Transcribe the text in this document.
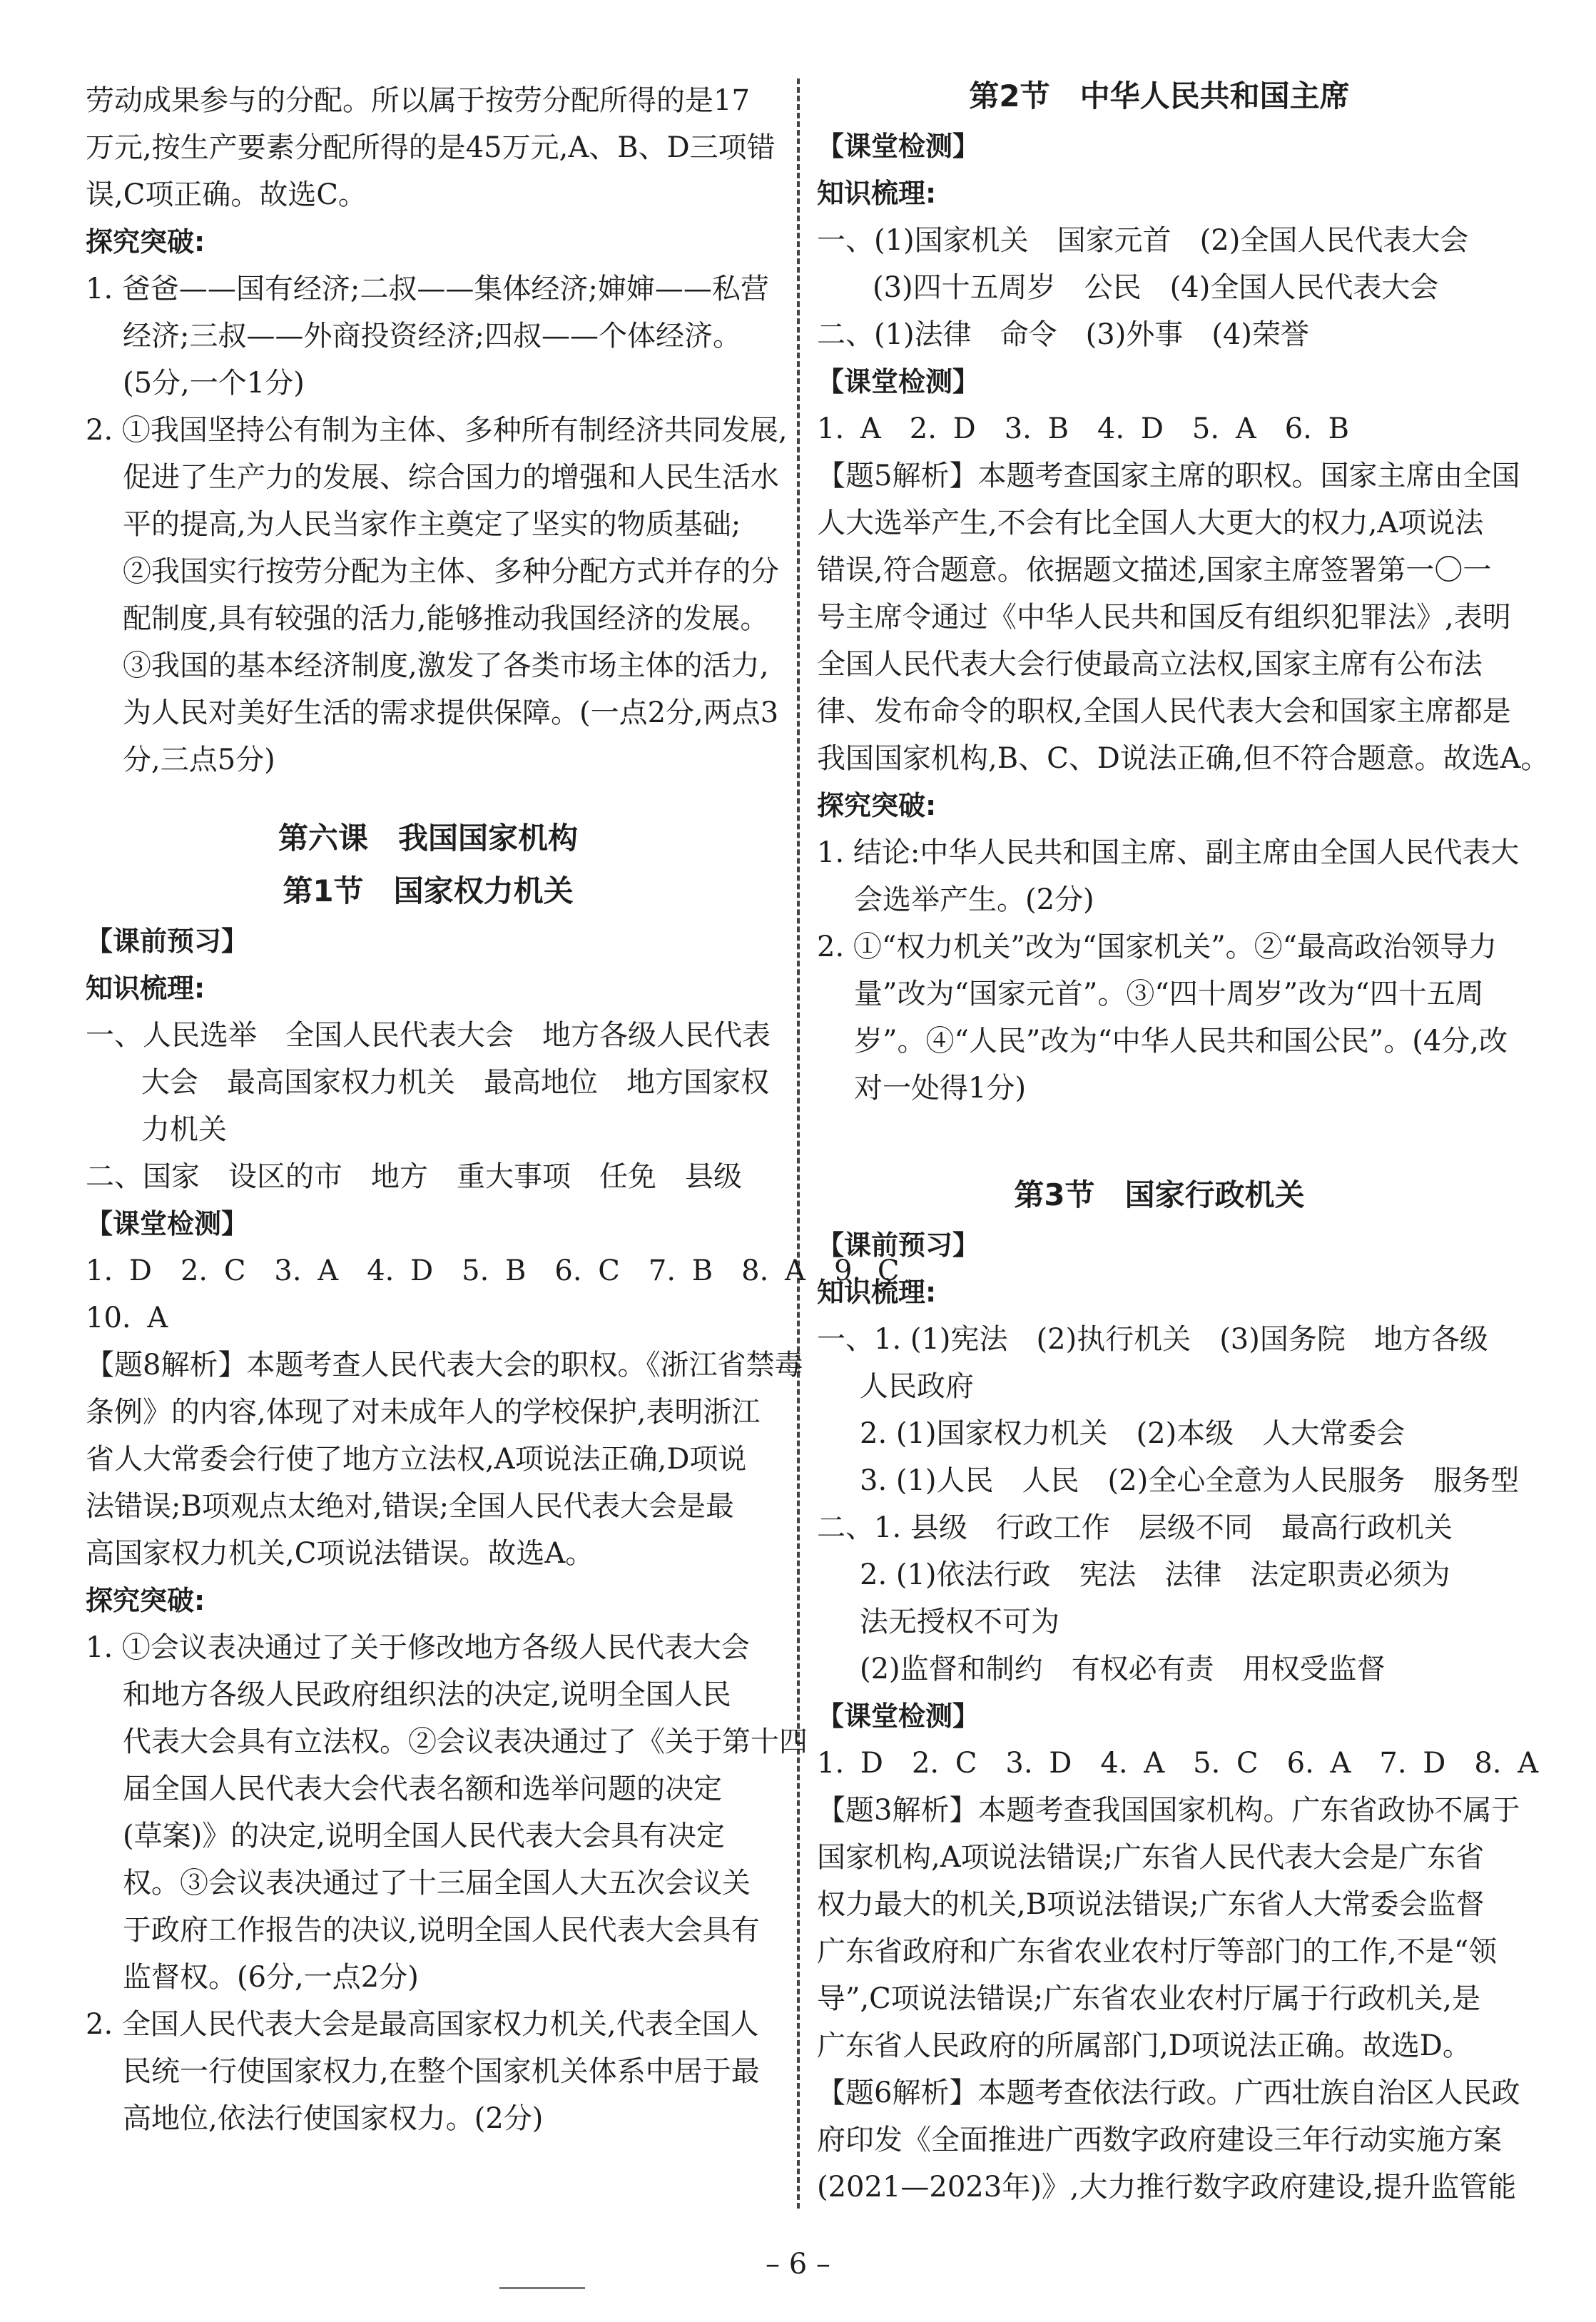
劳动成果参与的分配。所以属于按劳分配所得的是17
万元,按生产要素分配所得的是45万元,A、B、D三项错
误,C项正确。故选C。
探究突破:
1. 爸爸——国有经济;二叔——集体经济;婶婶——私营
经济;三叔——外商投资经济;四叔——个体经济。
(5分,一个1分)
2. ①我国坚持公有制为主体、多种所有制经济共同发展,
促进了生产力的发展、综合国力的增强和人民生活水
平的提高,为人民当家作主奠定了坚实的物质基础;
②我国实行按劳分配为主体、多种分配方式并存的分
配制度,具有较强的活力,能够推动我国经济的发展。
③我国的基本经济制度,激发了各类市场主体的活力,
为人民对美好生活的需求提供保障。(一点2分,两点3
分,三点5分)
第六课　我国国家机构
第1节　国家权力机关
【课前预习】
知识梳理:
一、人民选举　全国人民代表大会　地方各级人民代表
大会　最高国家权力机关　最高地位　地方国家权
力机关
二、国家　设区的市　地方　重大事项　任免　县级
【课堂检测】
1. D　2. C　3. A　4. D　5. B　6. C　7. B　8. A　9. C
10. A
【题8解析】本题考查人民代表大会的职权。《浙江省禁毒
条例》的内容,体现了对未成年人的学校保护,表明浙江
省人大常委会行使了地方立法权,A项说法正确,D项说
法错误;B项观点太绝对,错误;全国人民代表大会是最
高国家权力机关,C项说法错误。故选A。
探究突破:
1. ①会议表决通过了关于修改地方各级人民代表大会
和地方各级人民政府组织法的决定,说明全国人民
代表大会具有立法权。②会议表决通过了《关于第十四
届全国人民代表大会代表名额和选举问题的决定
(草案)》的决定,说明全国人民代表大会具有决定
权。③会议表决通过了十三届全国人大五次会议关
于政府工作报告的决议,说明全国人民代表大会具有
监督权。(6分,一点2分)
2. 全国人民代表大会是最高国家权力机关,代表全国人
民统一行使国家权力,在整个国家机关体系中居于最
高地位,依法行使国家权力。(2分)
第2节　中华人民共和国主席
【课堂检测】
知识梳理:
一、(1)国家机关　国家元首　(2)全国人民代表大会
(3)四十五周岁　公民　(4)全国人民代表大会
二、(1)法律　命令　(3)外事　(4)荣誉
【课堂检测】
1. A　2. D　3. B　4. D　5. A　6. B
【题5解析】本题考查国家主席的职权。国家主席由全国
人大选举产生,不会有比全国人大更大的权力,A项说法
错误,符合题意。依据题文描述,国家主席签署第一〇一
号主席令通过《中华人民共和国反有组织犯罪法》,表明
全国人民代表大会行使最高立法权,国家主席有公布法
律、发布命令的职权,全国人民代表大会和国家主席都是
我国国家机构,B、C、D说法正确,但不符合题意。故选A。
探究突破:
1. 结论:中华人民共和国主席、副主席由全国人民代表大
会选举产生。(2分)
2. ①“权力机关”改为“国家机关”。②“最高政治领导力
量”改为“国家元首”。③“四十周岁”改为“四十五周
岁”。④“人民”改为“中华人民共和国公民”。(4分,改
对一处得1分)
第3节　国家行政机关
【课前预习】
知识梳理:
一、1. (1)宪法　(2)执行机关　(3)国务院　地方各级
人民政府
2. (1)国家权力机关　(2)本级　人大常委会
3. (1)人民　人民　(2)全心全意为人民服务　服务型
二、1. 县级　行政工作　层级不同　最高行政机关
2. (1)依法行政　宪法　法律　法定职责必须为
法无授权不可为
(2)监督和制约　有权必有责　用权受监督
【课堂检测】
1. D　2. C　3. D　4. A　5. C　6. A　7. D　8. A
【题3解析】本题考查我国国家机构。广东省政协不属于
国家机构,A项说法错误;广东省人民代表大会是广东省
权力最大的机关,B项说法错误;广东省人大常委会监督
广东省政府和广东省农业农村厅等部门的工作,不是“领
导”,C项说法错误;广东省农业农村厅属于行政机关,是
广东省人民政府的所属部门,D项说法正确。故选D。
【题6解析】本题考查依法行政。广西壮族自治区人民政
府印发《全面推进广西数字政府建设三年行动实施方案
(2021—2023年)》,大力推行数字政府建设,提升监管能
– 6 –
